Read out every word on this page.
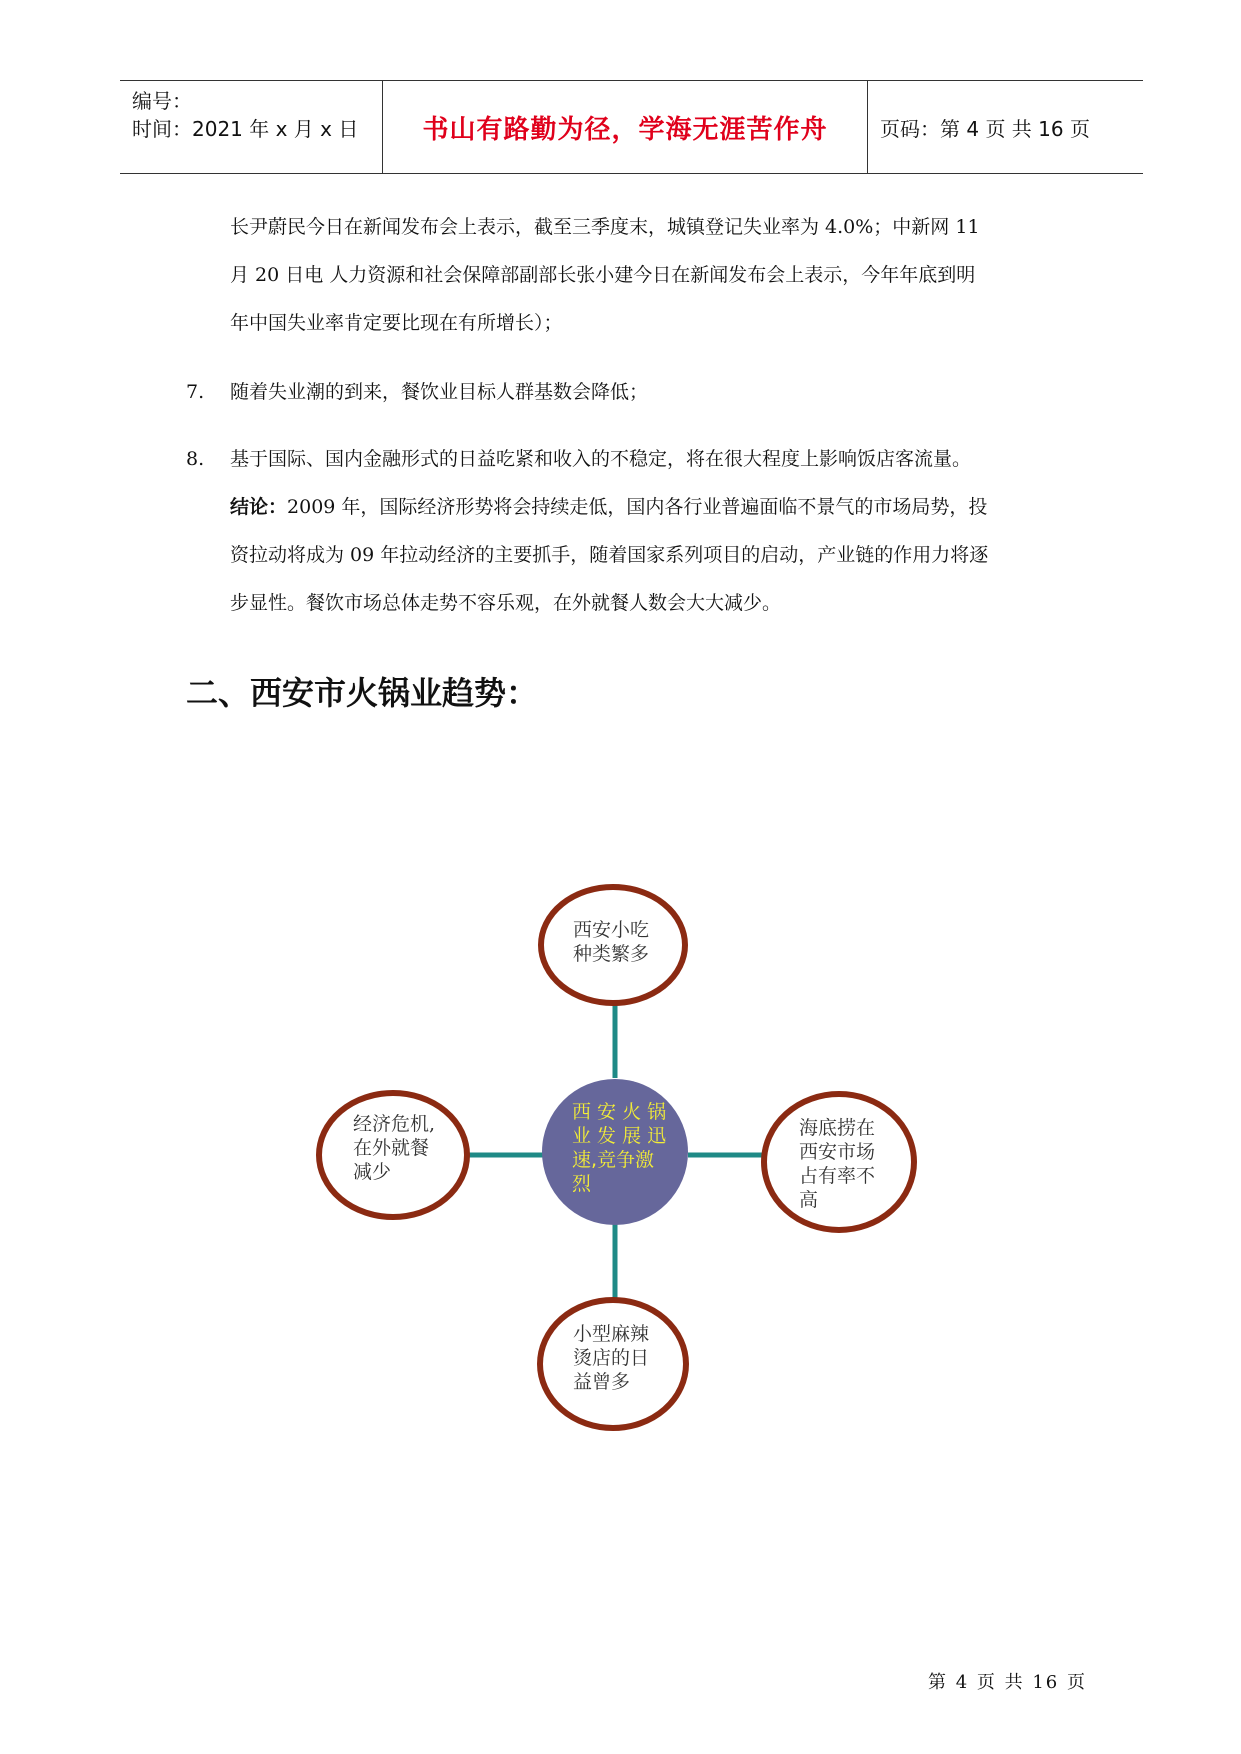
编号：
时间：2021 年 x 月 x 日 书山有路勤为径，学海无涯苦作舟	页码：第 4 页 共 16 页
长尹蔚民今日在新闻发布会上表示，截至三季度末，城镇登记失业率为 4.0%；中新网 11
月 20 日电 人力资源和社会保障部副部长张小建今日在新闻发布会上表示，今年年底到明
年中国失业率肯定要比现在有所增长）；
7. 随着失业潮的到来，餐饮业目标人群基数会降低；
8. 基于国际、国内金融形式的日益吃紧和收入的不稳定，将在很大程度上影响饭店客流量。
结论：2009 年，国际经济形势将会持续走低，国内各行业普遍面临不景气的市场局势，投
资拉动将成为 09 年拉动经济的主要抓手，随着国家系列项目的启动，产业链的作用力将逐
步显性。餐饮市场总体走势不容乐观，在外就餐人数会大大减少。
二、西安市火锅业趋势：
西安小吃
种类繁多
经济危机,
在外就餐
减少
海底捞在
西安市场
占有率不
高
小型麻辣
烫店的日
益曾多
西 安 火 锅
业 发 展 迅
速,竞争激
烈
第 4 页 共 16 页
